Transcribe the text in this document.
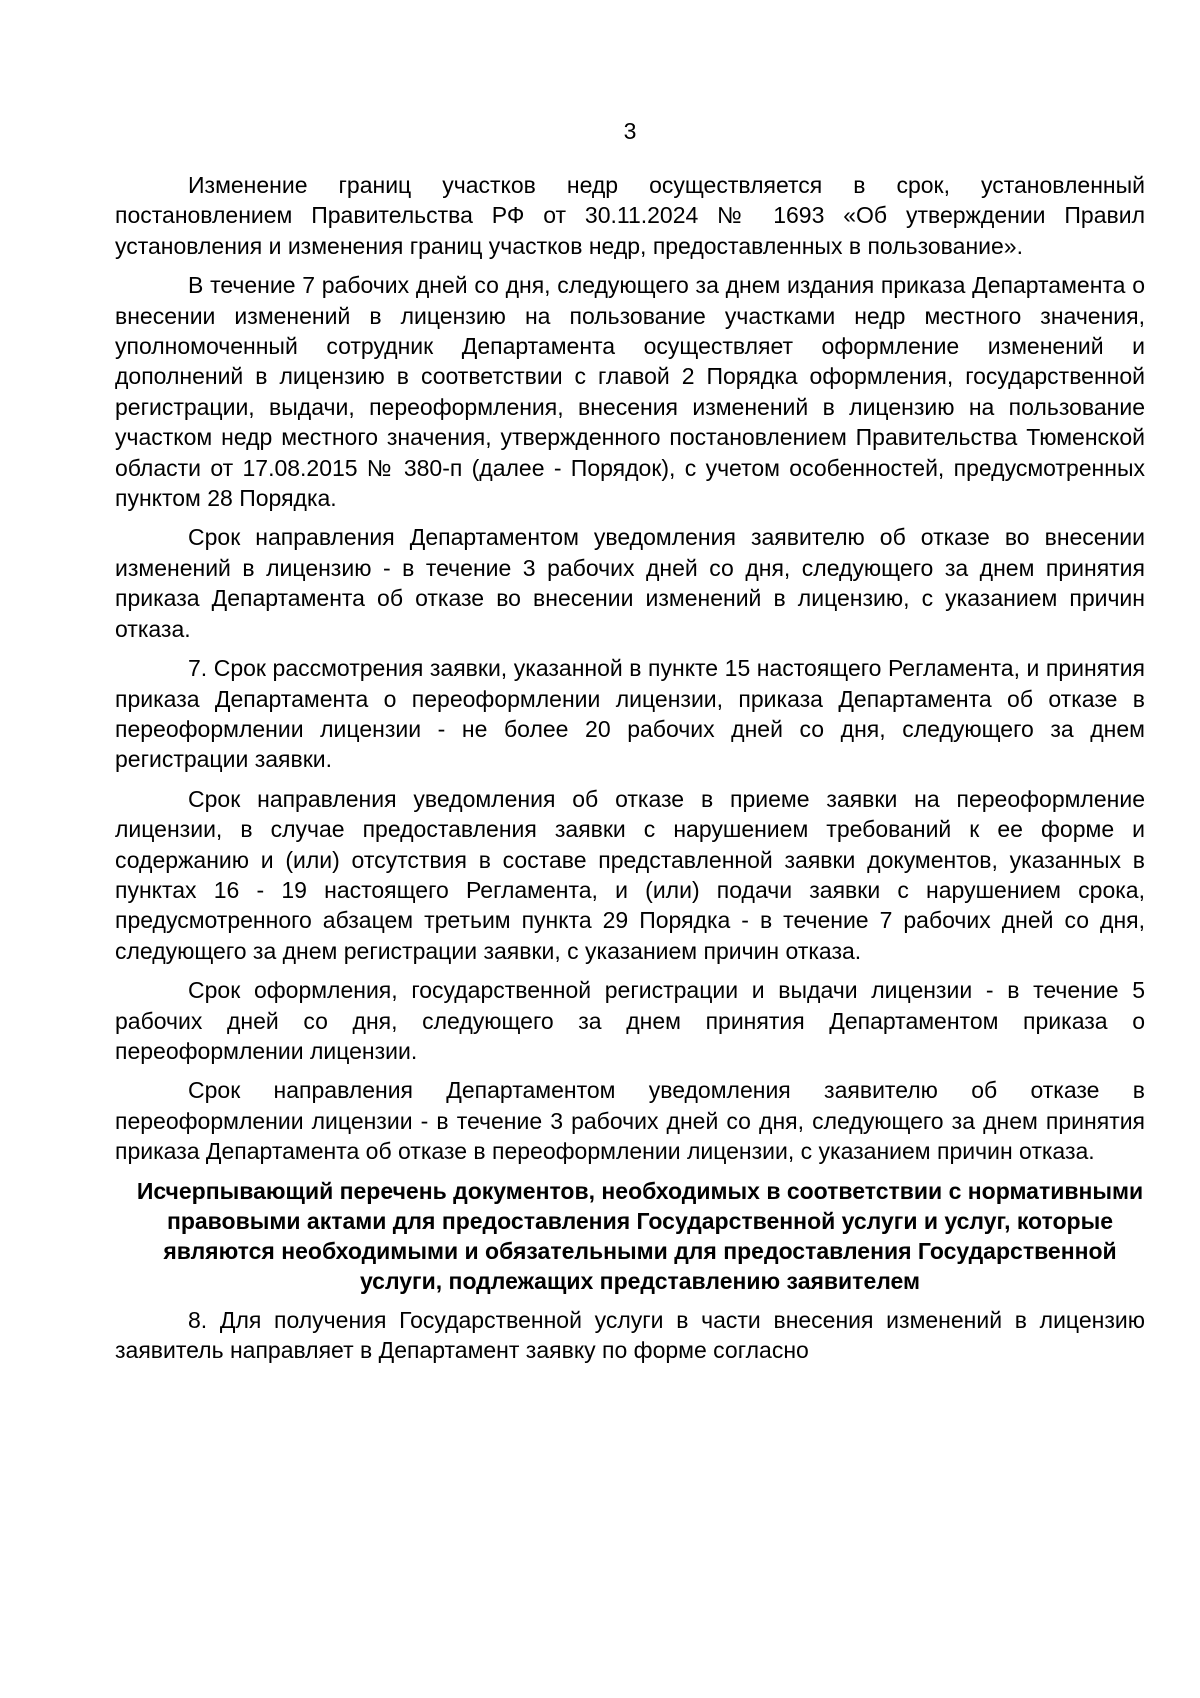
3

Изменение границ участков недр осуществляется в срок, установленный постановлением Правительства РФ от 30.11.2024 № 1693 «Об утверждении Правил установления и изменения границ участков недр, предоставленных в пользование».

В течение 7 рабочих дней со дня, следующего за днем издания приказа Департамента о внесении изменений в лицензию на пользование участками недр местного значения, уполномоченный сотрудник Департамента осуществляет оформление изменений и дополнений в лицензию в соответствии с главой 2 Порядка оформления, государственной регистрации, выдачи, переоформления, внесения изменений в лицензию на пользование участком недр местного значения, утвержденного постановлением Правительства Тюменской области от 17.08.2015 № 380-п (далее - Порядок), с учетом особенностей, предусмотренных пунктом 28 Порядка.

Срок направления Департаментом уведомления заявителю об отказе во внесении изменений в лицензию - в течение 3 рабочих дней со дня, следующего за днем принятия приказа Департамента об отказе во внесении изменений в лицензию, с указанием причин отказа.

7. Срок рассмотрения заявки, указанной в пункте 15 настоящего Регламента, и принятия приказа Департамента о переоформлении лицензии, приказа Департамента об отказе в переоформлении лицензии - не более 20 рабочих дней со дня, следующего за днем регистрации заявки.

Срок направления уведомления об отказе в приеме заявки на переоформление лицензии, в случае предоставления заявки с нарушением требований к ее форме и содержанию и (или) отсутствия в составе представленной заявки документов, указанных в пунктах 16 - 19 настоящего Регламента, и (или) подачи заявки с нарушением срока, предусмотренного абзацем третьим пункта 29 Порядка - в течение 7 рабочих дней со дня, следующего за днем регистрации заявки, с указанием причин отказа.

Срок оформления, государственной регистрации и выдачи лицензии - в течение 5 рабочих дней со дня, следующего за днем принятия Департаментом приказа о переоформлении лицензии.

Срок направления Департаментом уведомления заявителю об отказе в переоформлении лицензии - в течение 3 рабочих дней со дня, следующего за днем принятия приказа Департамента об отказе в переоформлении лицензии, с указанием причин отказа.

Исчерпывающий перечень документов, необходимых в соответствии с нормативными правовыми актами для предоставления Государственной услуги и услуг, которые являются необходимыми и обязательными для предоставления Государственной услуги, подлежащих представлению заявителем

8. Для получения Государственной услуги в части внесения изменений в лицензию заявитель направляет в Департамент заявку по форме согласно
